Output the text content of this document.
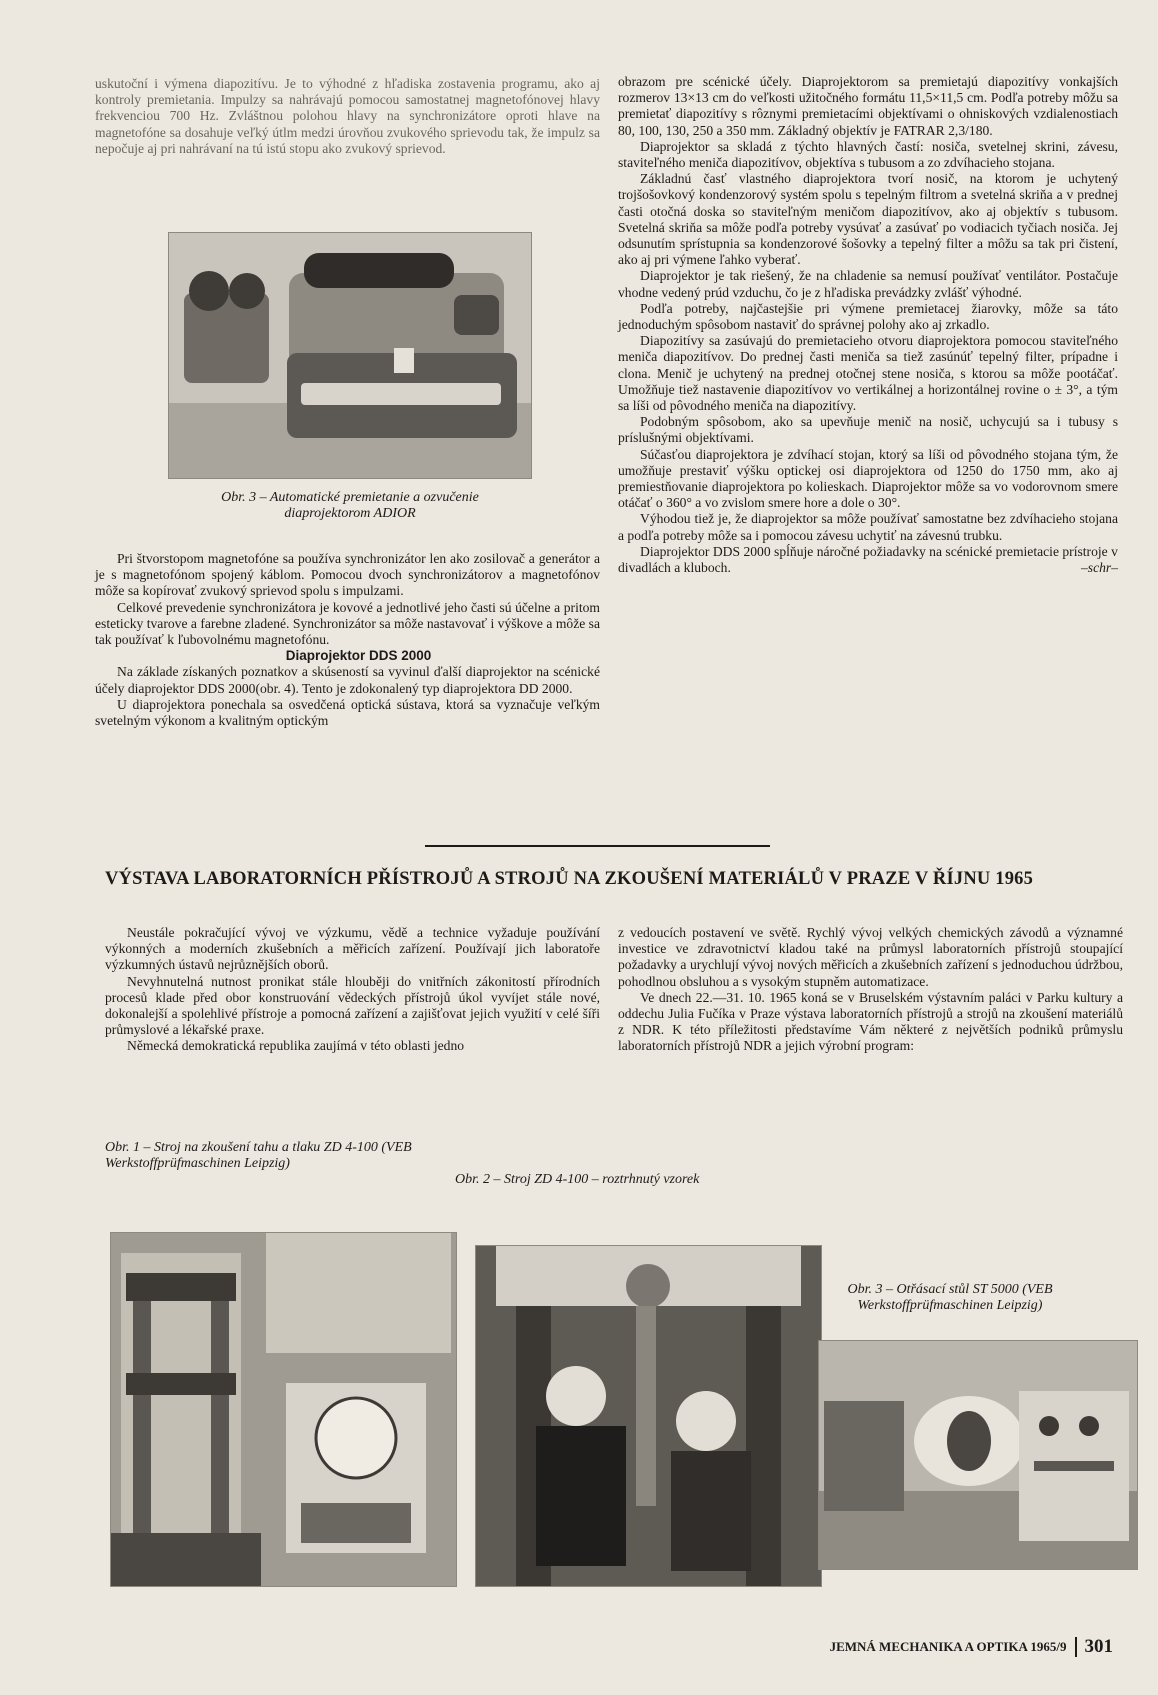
uskutoční i výmena diapozitívu. Je to výhodné z hľadiska zostavenia programu, ako aj kontroly premietania. Impulzy sa nahrávajú pomocou samostatnej magnetofónovej hlavy frekvenciou 700 Hz. Zvláštnou polohou hlavy na synchronizátore oproti hlave na magnetofóne sa dosahuje veľký útlm medzi úrovňou zvukového sprievodu tak, že impulz sa nepočuje aj pri nahrávaní na tú istú stopu ako zvukový sprievod.

Obr. 3 – Automatické premietanie a ozvučenie diaprojektorom ADIOR

Pri štvorstopom magnetofóne sa používa synchronizátor len ako zosilovač a generátor a je s magnetofónom spojený káblom. Pomocou dvoch synchronizátorov a magnetofónov môže sa kopírovať zvukový sprievod spolu s impulzami.

Celkové prevedenie synchronizátora je kovové a jednotlivé jeho časti sú účelne a pritom esteticky tvarove a farebne zladené. Synchronizátor sa môže nastavovať i výškove a môže sa tak používať k ľubovolnému magnetofónu.

Diaprojektor DDS 2000

Na základe získaných poznatkov a skúseností sa vyvinul ďalší diaprojektor na scénické účely diaprojektor DDS 2000(obr. 4). Tento je zdokonalený typ diaprojektora DD 2000.

U diaprojektora ponechala sa osvedčená optická sústava, ktorá sa vyznačuje veľkým svetelným výkonom a kvalitným optickým

obrazom pre scénické účely. Diaprojektorom sa premietajú diapozitívy vonkajších rozmerov 13×13 cm do veľkosti užitočného formátu 11,5×11,5 cm. Podľa potreby môžu sa premietať diapozitívy s rôznymi premietacími objektívami o ohniskových vzdialenostiach 80, 100, 130, 250 a 350 mm. Základný objektív je FATRAR 2,3/180.

Diaprojektor sa skladá z týchto hlavných častí: nosiča, svetelnej skrini, závesu, staviteľného meniča diapozitívov, objektíva s tubusom a zo zdvíhacieho stojana.

Základnú časť vlastného diaprojektora tvorí nosič, na ktorom je uchytený trojšošovkový kondenzorový systém spolu s tepelným filtrom a svetelná skriňa a v prednej časti otočná doska so staviteľným meničom diapozitívov, ako aj objektív s tubusom. Svetelná skriňa sa môže podľa potreby vysúvať a zasúvať po vodiacich tyčiach nosiča. Jej odsunutím sprístupnia sa kondenzorové šošovky a tepelný filter a môžu sa tak pri čistení, ako aj pri výmene ľahko vyberať.

Diaprojektor je tak riešený, že na chladenie sa nemusí používať ventilátor. Postačuje vhodne vedený prúd vzduchu, čo je z hľadiska prevádzky zvlášť výhodné.

Podľa potreby, najčastejšie pri výmene premietacej žiarovky, môže sa táto jednoduchým spôsobom nastaviť do správnej polohy ako aj zrkadlo.

Diapozitívy sa zasúvajú do premietacieho otvoru diaprojektora pomocou staviteľného meniča diapozitívov. Do prednej časti meniča sa tiež zasúnúť tepelný filter, prípadne i clona. Menič je uchytený na prednej otočnej stene nosiča, s ktorou sa môže pootáčať. Umožňuje tiež nastavenie diapozitívov vo vertikálnej a horizontálnej rovine o ± 3°, a tým sa líši od pôvodného meniča na diapozitívy.

Podobným spôsobom, ako sa upevňuje menič na nosič, uchycujú sa i tubusy s príslušnými objektívami.

Súčasťou diaprojektora je zdvíhací stojan, ktorý sa líši od pôvodného stojana tým, že umožňuje prestaviť výšku optickej osi diaprojektora od 1250 do 1750 mm, ako aj premiestňovanie diaprojektora po kolieskach. Diaprojektor môže sa vo vodorovnom smere otáčať o 360° a vo zvislom smere hore a dole o 30°.

Výhodou tiež je, že diaprojektor sa môže používať samostatne bez zdvíhacieho stojana a podľa potreby môže sa i pomocou závesu uchytiť na závesnú trubku.

Diaprojektor DDS 2000 spĺňuje náročné požiadavky na scénické premietacie prístroje v divadlách a kluboch.	–schr–

VÝSTAVA LABORATORNÍCH PŘÍSTROJŮ A STROJŮ NA ZKOUŠENÍ MATERIÁLŮ V PRAZE V ŘÍJNU 1965

Neustále pokračující vývoj ve výzkumu, vědě a technice vyžaduje používání výkonných a moderních zkušebních a měřicích zařízení. Používají jich laboratoře výzkumných ústavů nejrůznějších oborů.

Nevyhnutelná nutnost pronikat stále hlouběji do vnitřních zákonitostí přírodních procesů klade před obor konstruování vědeckých přístrojů úkol vyvíjet stále nové, dokonalejší a spolehlivé přístroje a pomocná zařízení a zajišťovat jejich využití v celé šíři průmyslové a lékařské praxe.

Německá demokratická republika zaujímá v této oblasti jedno

z vedoucích postavení ve světě. Rychlý vývoj velkých chemických závodů a významné investice ve zdravotnictví kladou také na průmysl laboratorních přístrojů stoupající požadavky a urychlují vývoj nových měřicích a zkušebních zařízení s jednoduchou údržbou, pohodlnou obsluhou a s vysokým stupněm automatizace.

Ve dnech 22.—31. 10. 1965 koná se v Bruselském výstavním paláci v Parku kultury a oddechu Julia Fučíka v Praze výstava laboratorních přístrojů a strojů na zkoušení materiálů z NDR. K této příležitosti představíme Vám některé z největších podniků průmyslu laboratorních přístrojů NDR a jejich výrobní program:

Obr. 1 – Stroj na zkoušení tahu a tlaku ZD 4-100 (VEB Werkstoffprüfmaschinen Leipzig)
Obr. 2 – Stroj ZD 4-100 – roztrhnutý vzorek
Obr. 3 – Otřásací stůl ST 5000 (VEB Werkstoffprüfmaschinen Leipzig)
JEMNÁ MECHANIKA A OPTIKA 1965/9 301
